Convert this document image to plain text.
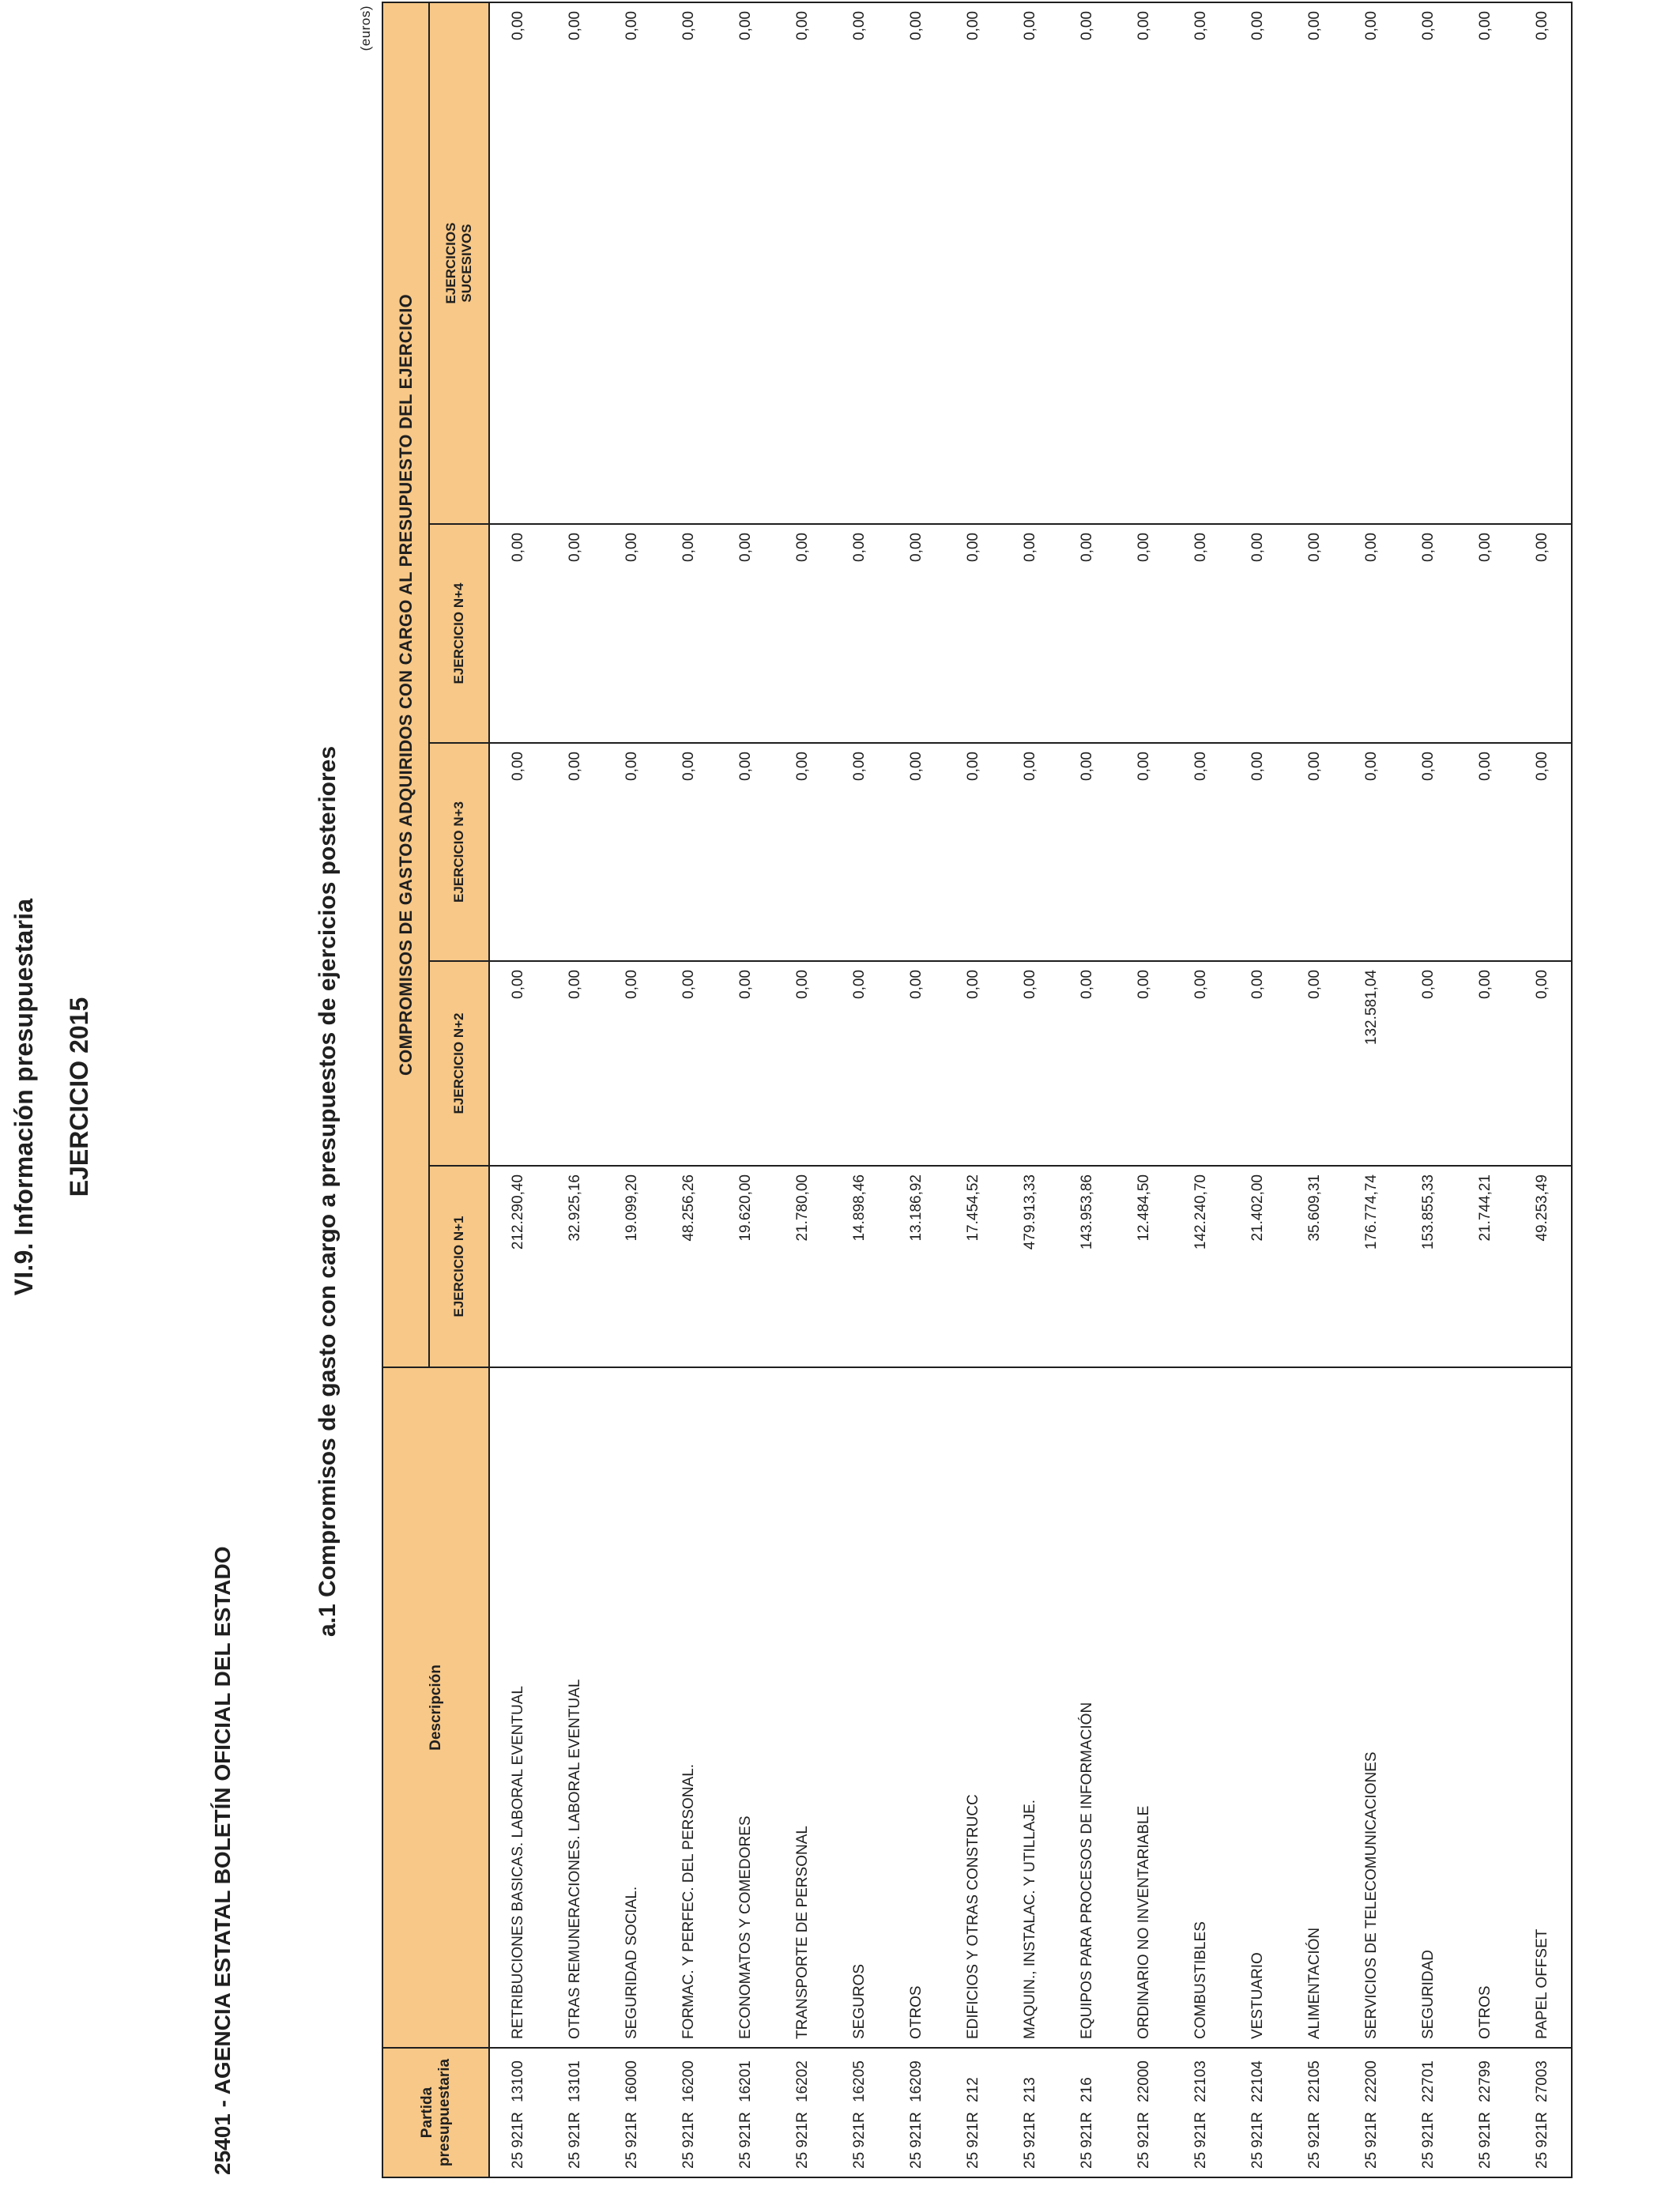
VI.9. Información presupuestaria EJERCICIO 2015
25401 - AGENCIA ESTATAL BOLETÍN OFICIAL DEL ESTADO
a.1 Compromisos de gasto con cargo a presupuestos de ejercicios posteriores
(euros)
Partida presupuestaria	Descripción	COMPROMISOS DE GASTOS ADQUIRIDOS CON CARGO AL PRESUPUESTO DEL EJERCICIO				
		EJERCICIO N+1	EJERCICIO N+2	EJERCICIO N+3	EJERCICIO N+4	EJERCICIOS
SUCESIVOS
25 921R13100	RETRIBUCIONES BASICAS. LABORAL EVENTUAL	212.290,40	0,00	0,00	0,00	0,00
25 921R13101	OTRAS REMUNERACIONES. LABORAL EVENTUAL	32.925,16	0,00	0,00	0,00	0,00
25 921R16000	SEGURIDAD SOCIAL.	19.099,20	0,00	0,00	0,00	0,00
25 921R16200	FORMAC. Y PERFEC. DEL PERSONAL.	48.256,26	0,00	0,00	0,00	0,00
25 921R16201	ECONOMATOS Y COMEDORES	19.620,00	0,00	0,00	0,00	0,00
25 921R16202	TRANSPORTE DE PERSONAL	21.780,00	0,00	0,00	0,00	0,00
25 921R16205	SEGUROS	14.898,46	0,00	0,00	0,00	0,00
25 921R16209	OTROS	13.186,92	0,00	0,00	0,00	0,00
25 921R212	EDIFICIOS Y OTRAS CONSTRUCC	17.454,52	0,00	0,00	0,00	0,00
25 921R213	MAQUIN., INSTALAC. Y UTILLAJE.	479.913,33	0,00	0,00	0,00	0,00
25 921R216	EQUIPOS PARA PROCESOS DE INFORMACIÓN	143.953,86	0,00	0,00	0,00	0,00
25 921R22000	ORDINARIO NO INVENTARIABLE	12.484,50	0,00	0,00	0,00	0,00
25 921R22103	COMBUSTIBLES	142.240,70	0,00	0,00	0,00	0,00
25 921R22104	VESTUARIO	21.402,00	0,00	0,00	0,00	0,00
25 921R22105	ALIMENTACIÓN	35.609,31	0,00	0,00	0,00	0,00
25 921R22200	SERVICIOS DE TELECOMUNICACIONES	176.774,74	132.581,04	0,00	0,00	0,00
25 921R22701	SEGURIDAD	153.855,33	0,00	0,00	0,00	0,00
25 921R22799	OTROS	21.744,21	0,00	0,00	0,00	0,00
25 921R27003	PAPEL OFFSET	49.253,49	0,00	0,00	0,00	0,00
